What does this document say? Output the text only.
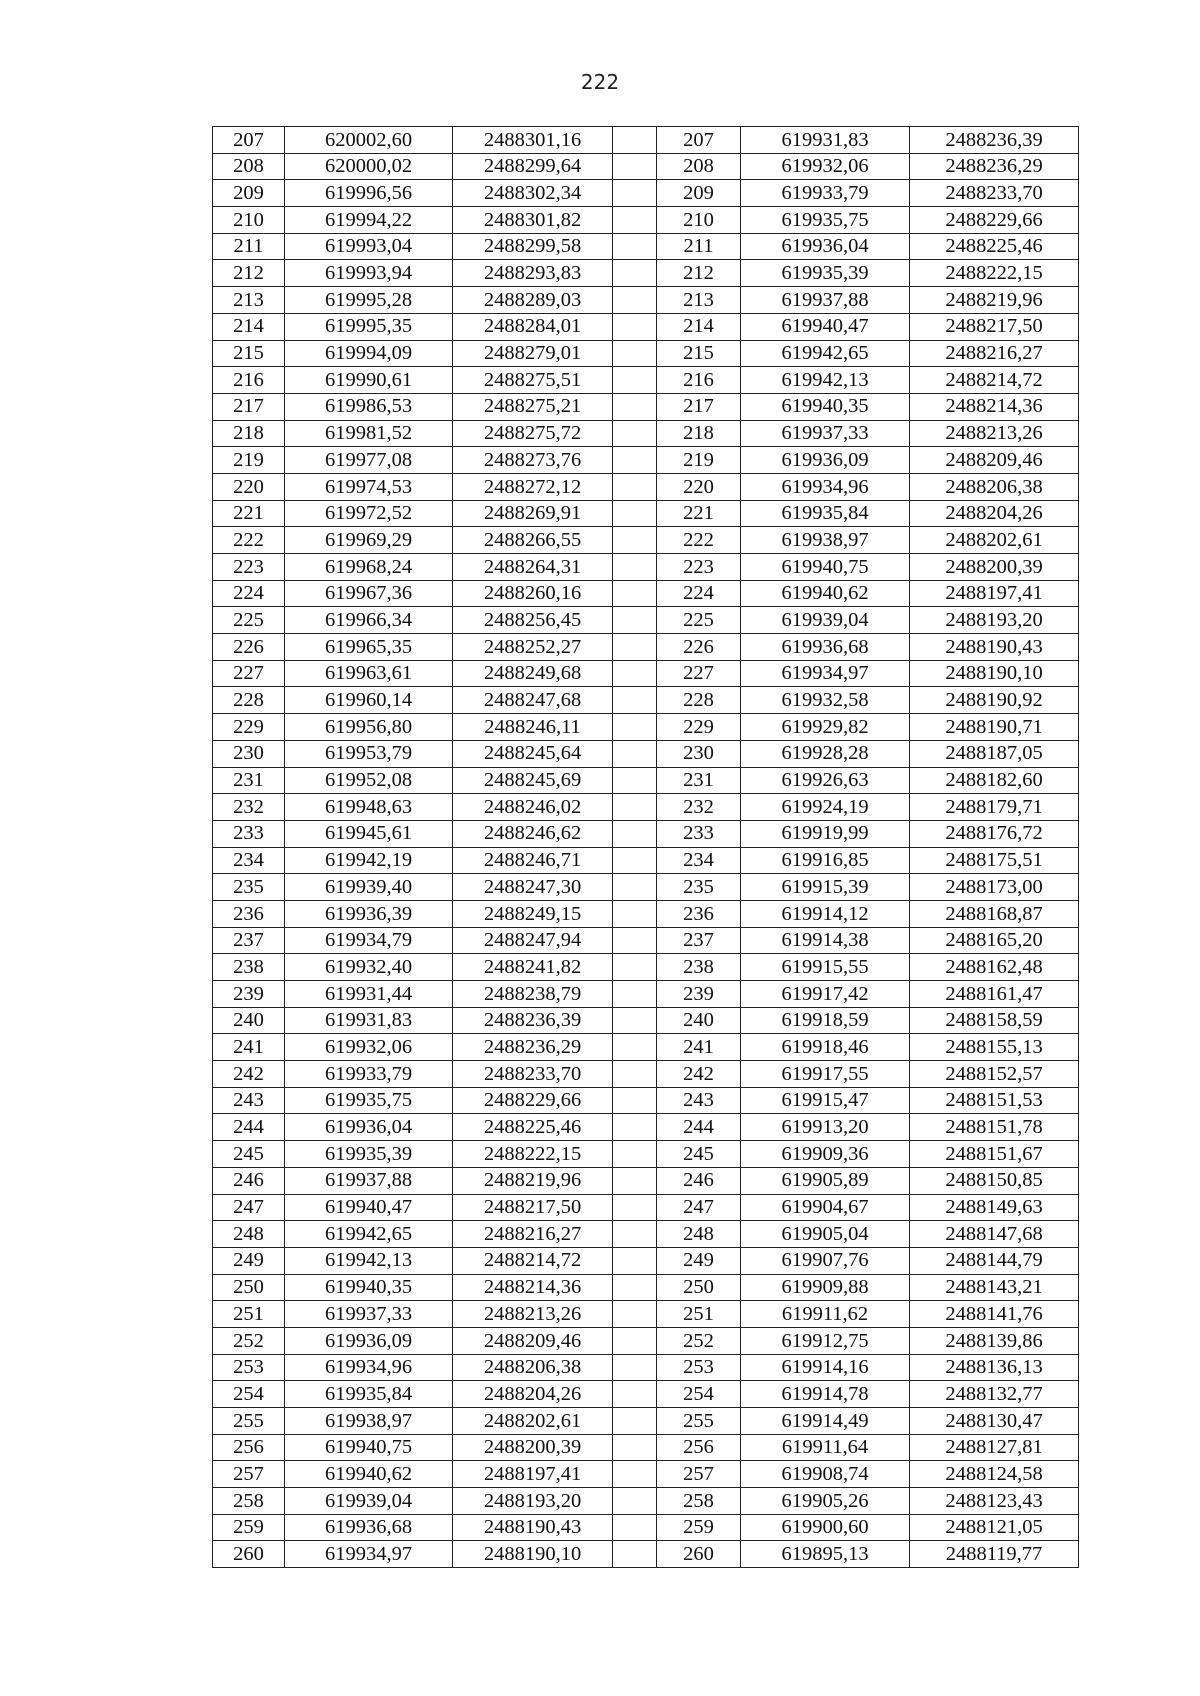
222
207	620002,60	2488301,16		207	619931,83	2488236,39
208	620000,02	2488299,64		208	619932,06	2488236,29
209	619996,56	2488302,34		209	619933,79	2488233,70
210	619994,22	2488301,82		210	619935,75	2488229,66
211	619993,04	2488299,58		211	619936,04	2488225,46
212	619993,94	2488293,83		212	619935,39	2488222,15
213	619995,28	2488289,03		213	619937,88	2488219,96
214	619995,35	2488284,01		214	619940,47	2488217,50
215	619994,09	2488279,01		215	619942,65	2488216,27
216	619990,61	2488275,51		216	619942,13	2488214,72
217	619986,53	2488275,21		217	619940,35	2488214,36
218	619981,52	2488275,72		218	619937,33	2488213,26
219	619977,08	2488273,76		219	619936,09	2488209,46
220	619974,53	2488272,12		220	619934,96	2488206,38
221	619972,52	2488269,91		221	619935,84	2488204,26
222	619969,29	2488266,55		222	619938,97	2488202,61
223	619968,24	2488264,31		223	619940,75	2488200,39
224	619967,36	2488260,16		224	619940,62	2488197,41
225	619966,34	2488256,45		225	619939,04	2488193,20
226	619965,35	2488252,27		226	619936,68	2488190,43
227	619963,61	2488249,68		227	619934,97	2488190,10
228	619960,14	2488247,68		228	619932,58	2488190,92
229	619956,80	2488246,11		229	619929,82	2488190,71
230	619953,79	2488245,64		230	619928,28	2488187,05
231	619952,08	2488245,69		231	619926,63	2488182,60
232	619948,63	2488246,02		232	619924,19	2488179,71
233	619945,61	2488246,62		233	619919,99	2488176,72
234	619942,19	2488246,71		234	619916,85	2488175,51
235	619939,40	2488247,30		235	619915,39	2488173,00
236	619936,39	2488249,15		236	619914,12	2488168,87
237	619934,79	2488247,94		237	619914,38	2488165,20
238	619932,40	2488241,82		238	619915,55	2488162,48
239	619931,44	2488238,79		239	619917,42	2488161,47
240	619931,83	2488236,39		240	619918,59	2488158,59
241	619932,06	2488236,29		241	619918,46	2488155,13
242	619933,79	2488233,70		242	619917,55	2488152,57
243	619935,75	2488229,66		243	619915,47	2488151,53
244	619936,04	2488225,46		244	619913,20	2488151,78
245	619935,39	2488222,15		245	619909,36	2488151,67
246	619937,88	2488219,96		246	619905,89	2488150,85
247	619940,47	2488217,50		247	619904,67	2488149,63
248	619942,65	2488216,27		248	619905,04	2488147,68
249	619942,13	2488214,72		249	619907,76	2488144,79
250	619940,35	2488214,36		250	619909,88	2488143,21
251	619937,33	2488213,26		251	619911,62	2488141,76
252	619936,09	2488209,46		252	619912,75	2488139,86
253	619934,96	2488206,38		253	619914,16	2488136,13
254	619935,84	2488204,26		254	619914,78	2488132,77
255	619938,97	2488202,61		255	619914,49	2488130,47
256	619940,75	2488200,39		256	619911,64	2488127,81
257	619940,62	2488197,41		257	619908,74	2488124,58
258	619939,04	2488193,20		258	619905,26	2488123,43
259	619936,68	2488190,43		259	619900,60	2488121,05
260	619934,97	2488190,10		260	619895,13	2488119,77
